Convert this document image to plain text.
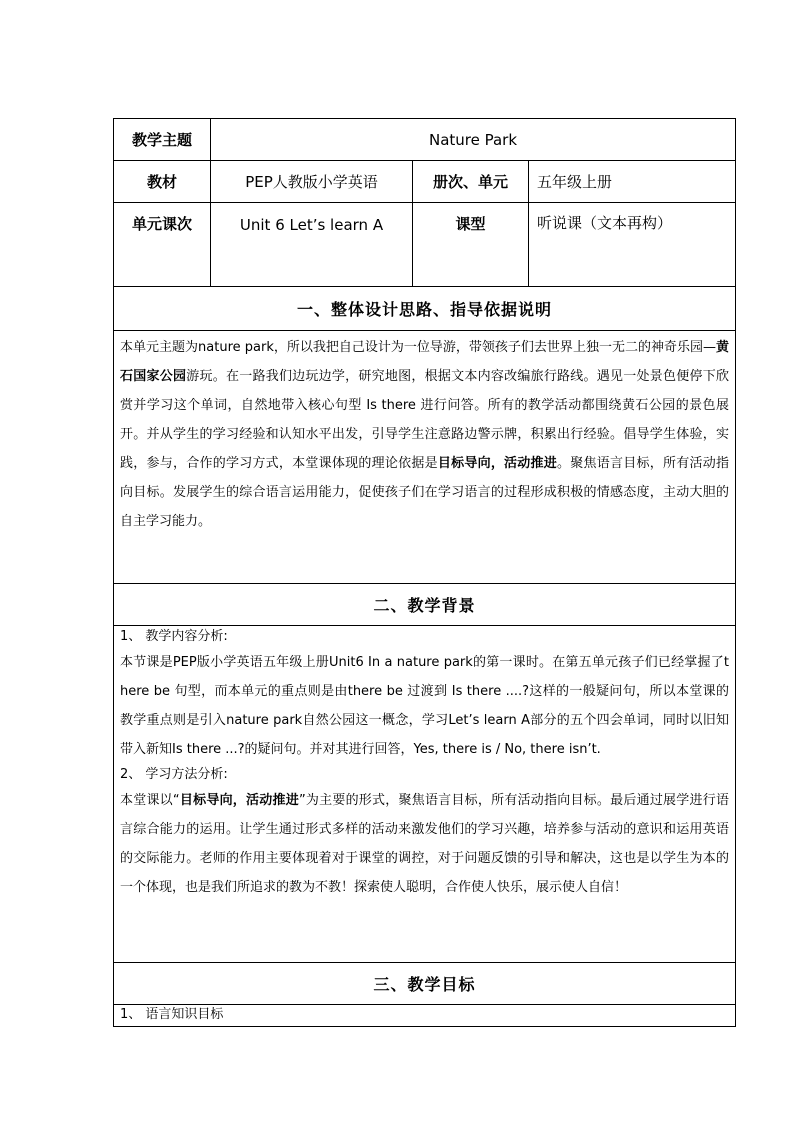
教学主题	Nature Park		
教材	PEP人教版小学英语	册次、单元	五年级上册
单元课次	Unit 6 Let’s learn A	课型	听说课（文本再构）
一、整体设计思路、指导依据说明			

本单元主题为nature park，所以我把自己设计为一位导游，带领孩子们去世界上独一无二的神奇乐园—黄石国家公园游玩。在一路我们边玩边学，研究地图，根据文本内容改编旅行路线。遇见一处景色便停下欣赏并学习这个单词，自然地带入核心句型 Is there 进行问答。所有的教学活动都围绕黄石公园的景色展开。并从学生的学习经验和认知水平出发，引导学生注意路边警示牌，积累出行经验。倡导学生体验，实践，参与，合作的学习方式，本堂课体现的理论依据是目标导向，活动推进。聚焦语言目标，所有活动指向目标。发展学生的综合语言运用能力，促使孩子们在学习语言的过程形成积极的情感态度，主动大胆的自主学习能力。			

二、教学背景			

1、 教学内容分析:

本节课是PEP版小学英语五年级上册Unit6 In a nature park的第一课时。在第五单元孩子们已经掌握了there be 句型，而本单元的重点则是由there be 过渡到 Is there ....?这样的一般疑问句，所以本堂课的教学重点则是引入nature park自然公园这一概念，学习Let’s learn A部分的五个四会单词，同时以旧知带入新知Is there ...?的疑问句。并对其进行回答，Yes, there is / No, there isn’t.

2、 学习方法分析:

本堂课以“目标导向，活动推进”为主要的形式，聚焦语言目标，所有活动指向目标。最后通过展学进行语言综合能力的运用。让学生通过形式多样的活动来激发他们的学习兴趣，培养参与活动的意识和运用英语的交际能力。老师的作用主要体现着对于课堂的调控，对于问题反馈的引导和解决，这也是以学生为本的一个体现，也是我们所追求的教为不教！探索使人聪明，合作使人快乐，展示使人自信！			

三、教学目标			
1、 语言知识目标			
